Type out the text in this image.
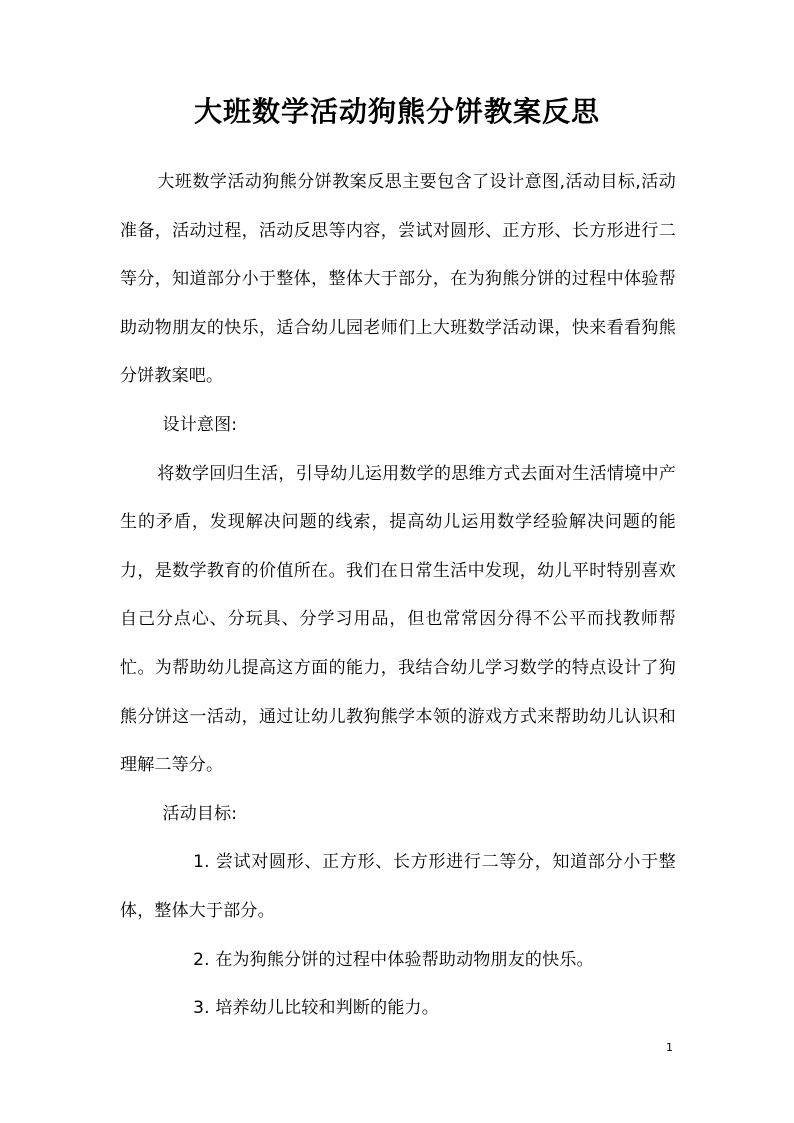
大班数学活动狗熊分饼教案反思

大班数学活动狗熊分饼教案反思主要包含了设计意图,活动目标,活动准备，活动过程，活动反思等内容，尝试对圆形、正方形、长方形进行二等分，知道部分小于整体，整体大于部分，在为狗熊分饼的过程中体验帮助动物朋友的快乐，适合幼儿园老师们上大班数学活动课，快来看看狗熊分饼教案吧。

设计意图:

将数学回归生活，引导幼儿运用数学的思维方式去面对生活情境中产生的矛盾，发现解决问题的线索，提高幼儿运用数学经验解决问题的能力，是数学教育的价值所在。我们在日常生活中发现，幼儿平时特别喜欢自己分点心、分玩具、分学习用品，但也常常因分得不公平而找教师帮忙。为帮助幼儿提高这方面的能力，我结合幼儿学习数学的特点设计了狗熊分饼这一活动，通过让幼儿教狗熊学本领的游戏方式来帮助幼儿认识和理解二等分。

活动目标:

1. 尝试对圆形、正方形、长方形进行二等分，知道部分小于整体，整体大于部分。

2. 在为狗熊分饼的过程中体验帮助动物朋友的快乐。

3. 培养幼儿比较和判断的能力。

1
